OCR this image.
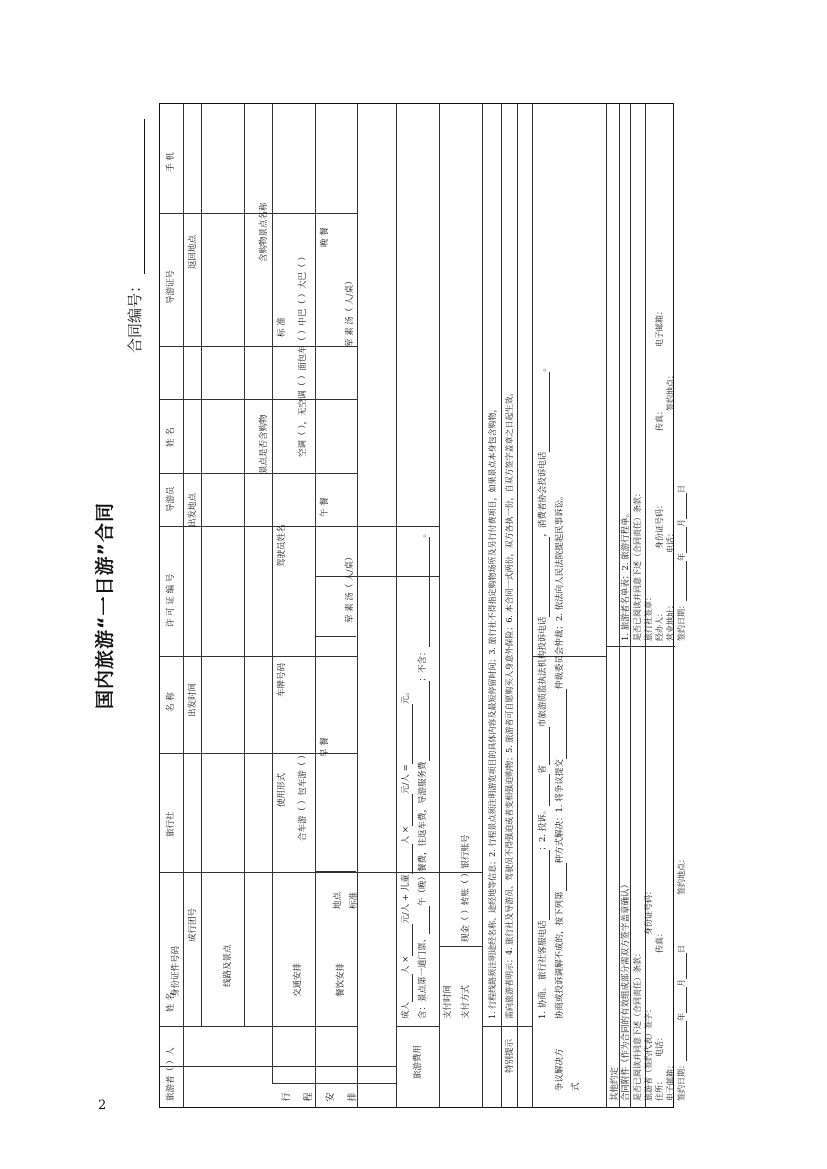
2
国内旅游“一日游”合同
合同编号：
旅游者（ ）人
姓 名
身份证件号码
旅行社
名 称
许 可 证 编 号
导游员
姓 名
导游证号
手 机
成行团号
出发时间
出发地点
返回地点
行程安排
线路及景点
景点是否含购物
含购物景点名称
交通安排
使用形式
车牌号码
驾驶员姓名
标 准
合车游（ ）包车游（ ）
空调（ ），无空调（ ）面包车（ ）中巴（ ）大巴（ ）
餐饮安排
早 餐
午 餐
晚 餐
地点 标准
荤 素 汤（ 人/桌）
荤 素 汤（ 人/桌）
旅游费用
成人人 ×元/人 + 儿童人 ×元/人 =元。
含：景点第一道门票、午（晚）餐费，往返车费，导游服务费；不含：。
支付时间 支付方式
现金（ ）转账（ ）银行账号
特别提示
1. 行程线路须注明途经名称、途经地等信息；2. 行程景点须注明游览项目的具体内容及最短停留时间；3. 旅行社不得指定购物场所及另行付费项目，如果景点本身包含购物，	需向旅游者明示；4. 旅行社及导游员、驾驶员不得强迫或者变相强迫购物；5. 旅游者可自愿购买人身意外保险；6. 本合同一式两份，双方各执一份，自双方签字盖章之日起生效。
争议解决方式
1. 协商。 旅行社客服电话；2. 投诉。省市旅游质监执法机构投诉电话，消费者协会投诉电话。
协商或投诉调解不成的，按下列第种方式解决：1. 将争议提交仲裁委员会仲裁；2. 依法向人民法院提起民事诉讼。
其他约定 合同附件（作为合同的有效组成部分需双方签字盖章确认）
1. 旅游者名单表；2. 旅游行程单。
是否已阅读并同意下述（合同责任）条款： 旅游者（签约代表）签字：身份证号码：
住所：电话：传真：
电子邮箱： 签约日期：年月日签约地点：
是否已阅读并同意下述（合同责任）条款： 旅行社签章： 经办人：身份证号码：传真：电子邮箱：
营业地址：电话：签约地点：
签约日期：年月日
